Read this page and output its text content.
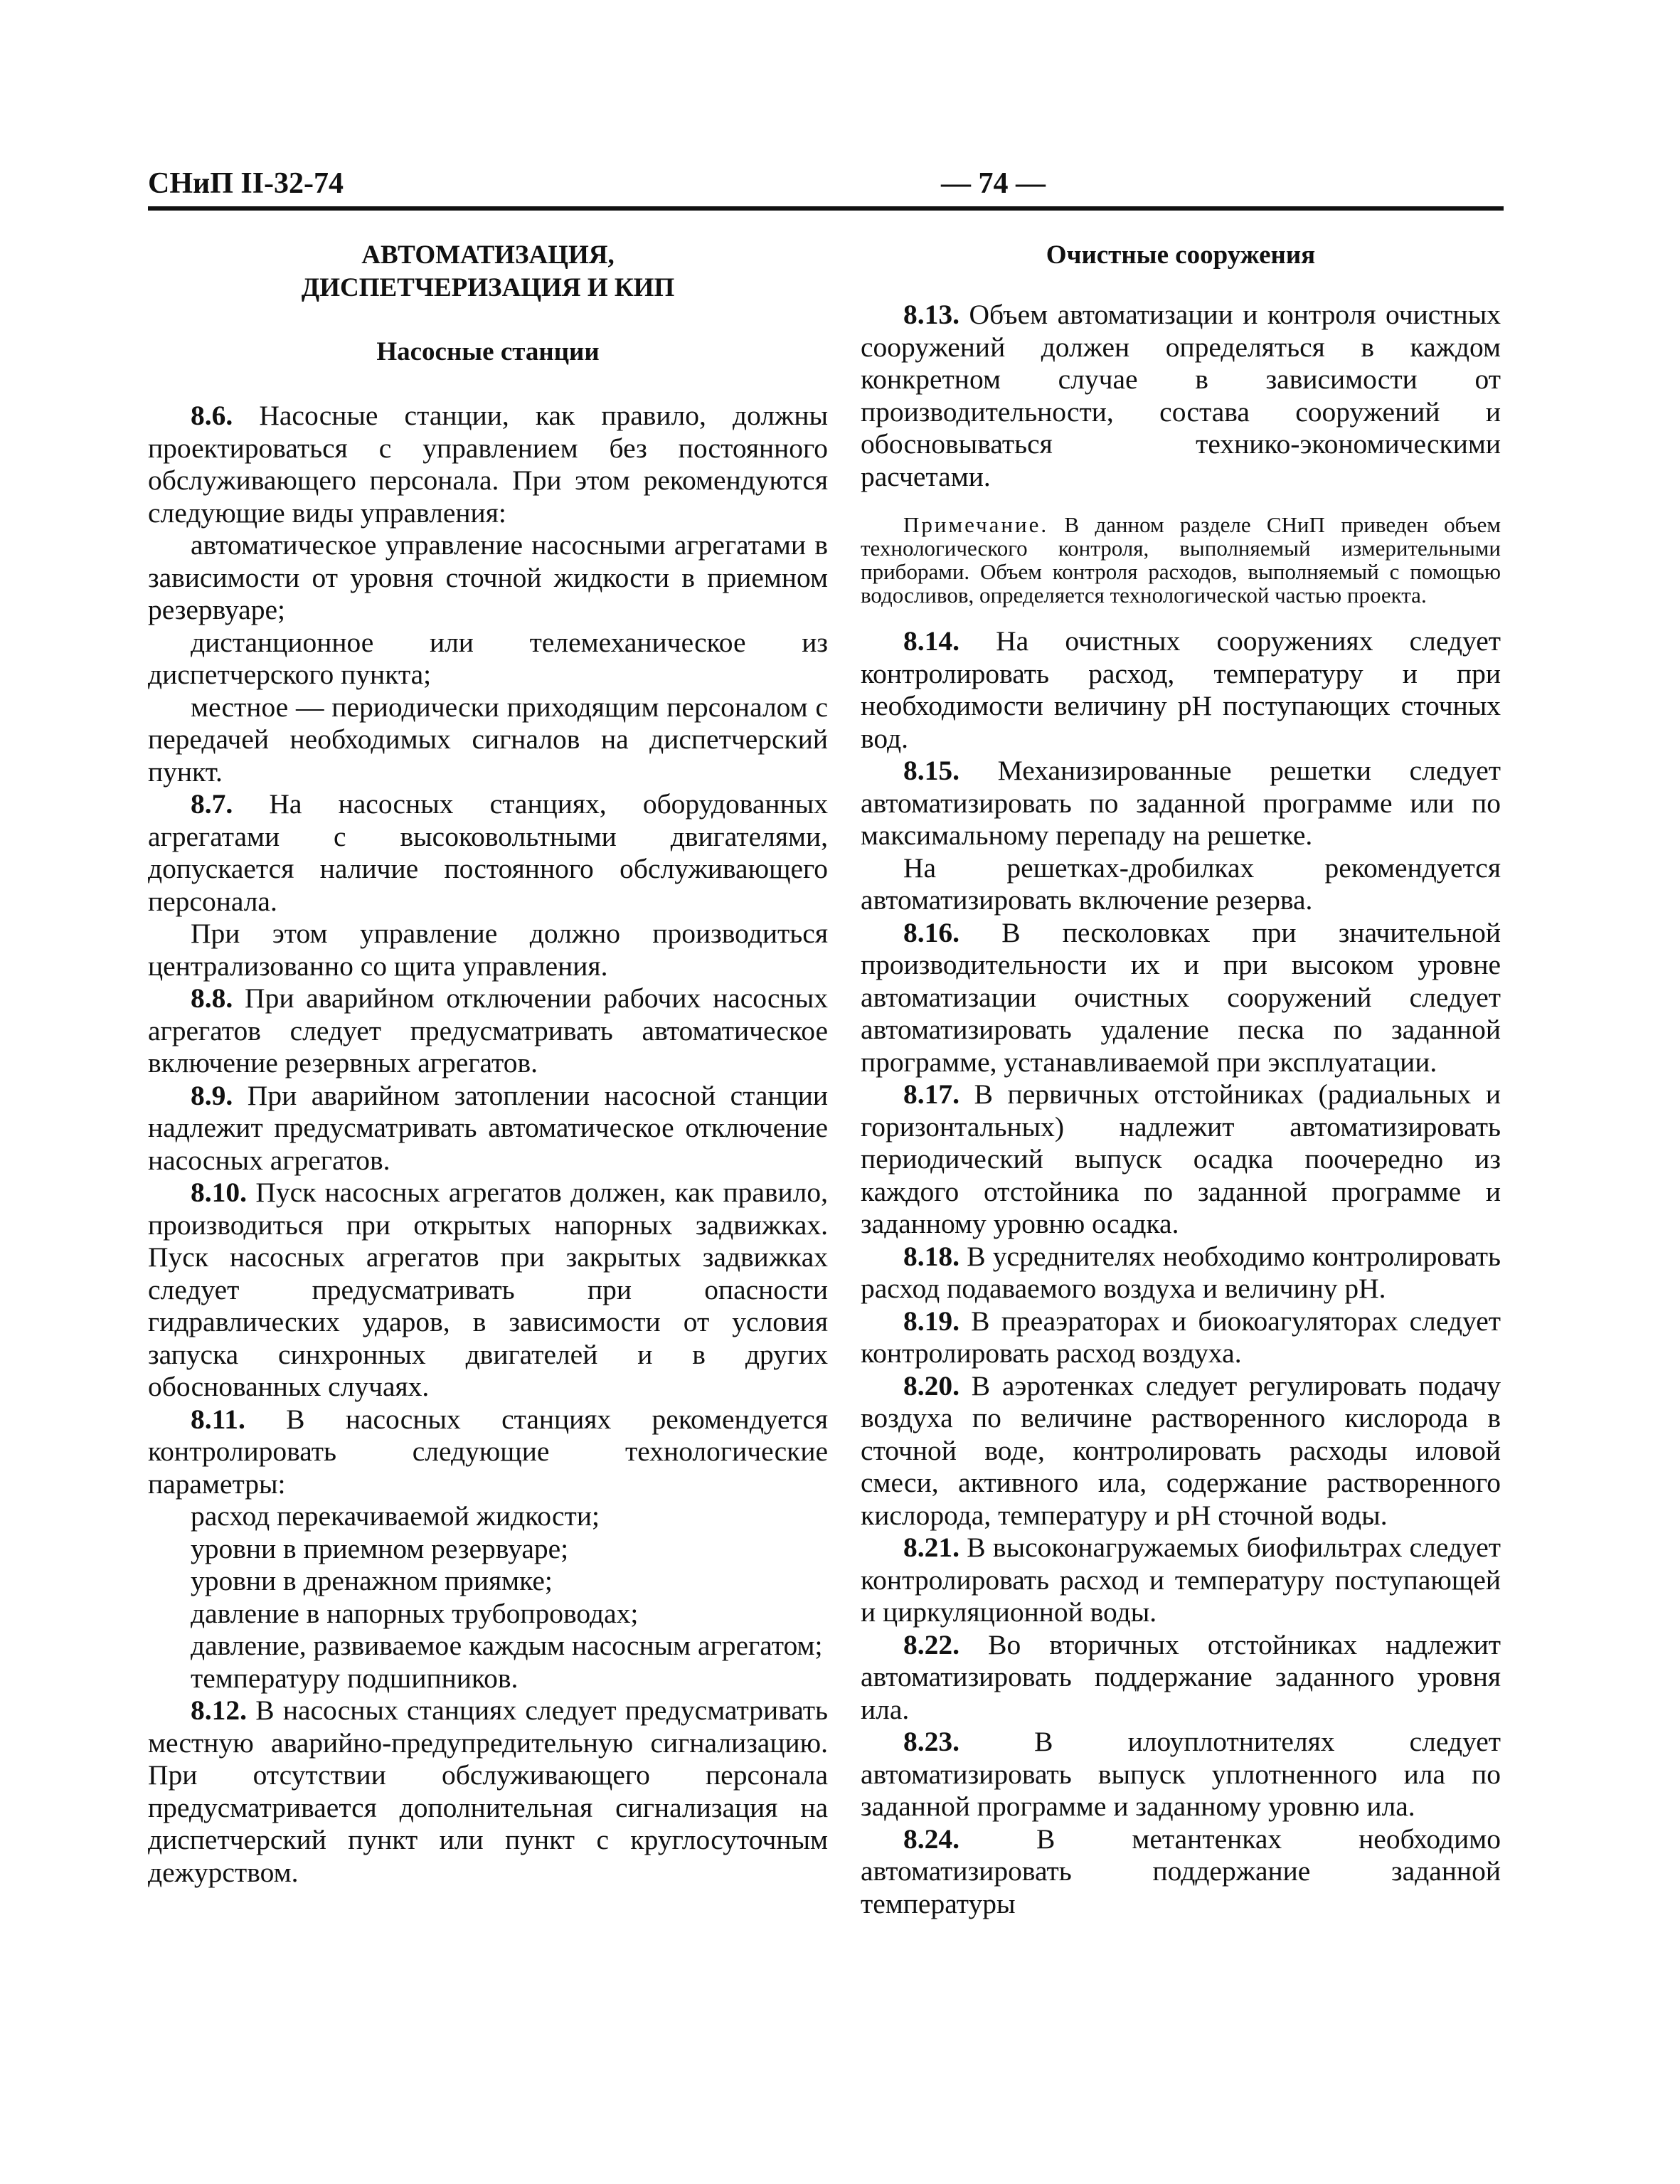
СНиП II-32-74	— 74 —
АВТОМАТИЗАЦИЯ,
ДИСПЕТЧЕРИЗАЦИЯ И КИП
Насосные станции

8.6. Насосные станции, как правило, должны проектироваться с управлением без постоянного обслуживающего персонала. При этом рекомендуются следующие виды управления:

автоматическое управление насосными агрегатами в зависимости от уровня сточной жидкости в приемном резервуаре;

дистанционное или телемеханическое из диспетчерского пункта;

местное — периодически приходящим персоналом с передачей необходимых сигналов на диспетчерский пункт.

8.7. На насосных станциях, оборудованных агрегатами с высоковольтными двигателями, допускается наличие постоянного обслуживающего персонала.

При этом управление должно производиться централизованно со щита управления.

8.8. При аварийном отключении рабочих насосных агрегатов следует предусматривать автоматическое включение резервных агрегатов.

8.9. При аварийном затоплении насосной станции надлежит предусматривать автоматическое отключение насосных агрегатов.

8.10. Пуск насосных агрегатов должен, как правило, производиться при открытых напорных задвижках. Пуск насосных агрегатов при закрытых задвижках следует предусматривать при опасности гидравлических ударов, в зависимости от условия запуска синхронных двигателей и в других обоснованных случаях.

8.11. В насосных станциях рекомендуется контролировать следующие технологические параметры:

расход перекачиваемой жидкости;

уровни в приемном резервуаре;

уровни в дренажном приямке;

давление в напорных трубопроводах;

давление, развиваемое каждым насосным агрегатом;

температуру подшипников.

8.12. В насосных станциях следует предусматривать местную аварийно-предупредительную сигнализацию. При отсутствии обслуживающего персонала предусматривается дополнительная сигнализация на диспетчерский пункт или пункт с круглосуточным дежурством.

Очистные сооружения

8.13. Объем автоматизации и контроля очистных сооружений должен определяться в каждом конкретном случае в зависимости от производительности, состава сооружений и обосновываться технико-экономическими расчетами.

Примечание. В данном разделе СНиП приведен объем технологического контроля, выполняемый измерительными приборами. Объем контроля расходов, выполняемый с помощью водосливов, определяется технологической частью проекта.

8.14. На очистных сооружениях следует контролировать расход, температуру и при необходимости величину pH поступающих сточных вод.

8.15. Механизированные решетки следует автоматизировать по заданной программе или по максимальному перепаду на решетке.

На решетках-дробилках рекомендуется автоматизировать включение резерва.

8.16. В песколовках при значительной производительности их и при высоком уровне автоматизации очистных сооружений следует автоматизировать удаление песка по заданной программе, устанавливаемой при эксплуатации.

8.17. В первичных отстойниках (радиальных и горизонтальных) надлежит автоматизировать периодический выпуск осадка поочередно из каждого отстойника по заданной программе и заданному уровню осадка.

8.18. В усреднителях необходимо контролировать расход подаваемого воздуха и величину pH.

8.19. В преаэраторах и биокоагуляторах следует контролировать расход воздуха.

8.20. В аэротенках следует регулировать подачу воздуха по величине растворенного кислорода в сточной воде, контролировать расходы иловой смеси, активного ила, содержание растворенного кислорода, температуру и pH сточной воды.

8.21. В высоконагружаемых биофильтрах следует контролировать расход и температуру поступающей и циркуляционной воды.

8.22. Во вторичных отстойниках надлежит автоматизировать поддержание заданного уровня ила.

8.23. В илоуплотнителях следует автоматизировать выпуск уплотненного ила по заданной программе и заданному уровню ила.

8.24. В метантенках необходимо автоматизировать поддержание заданной температуры
